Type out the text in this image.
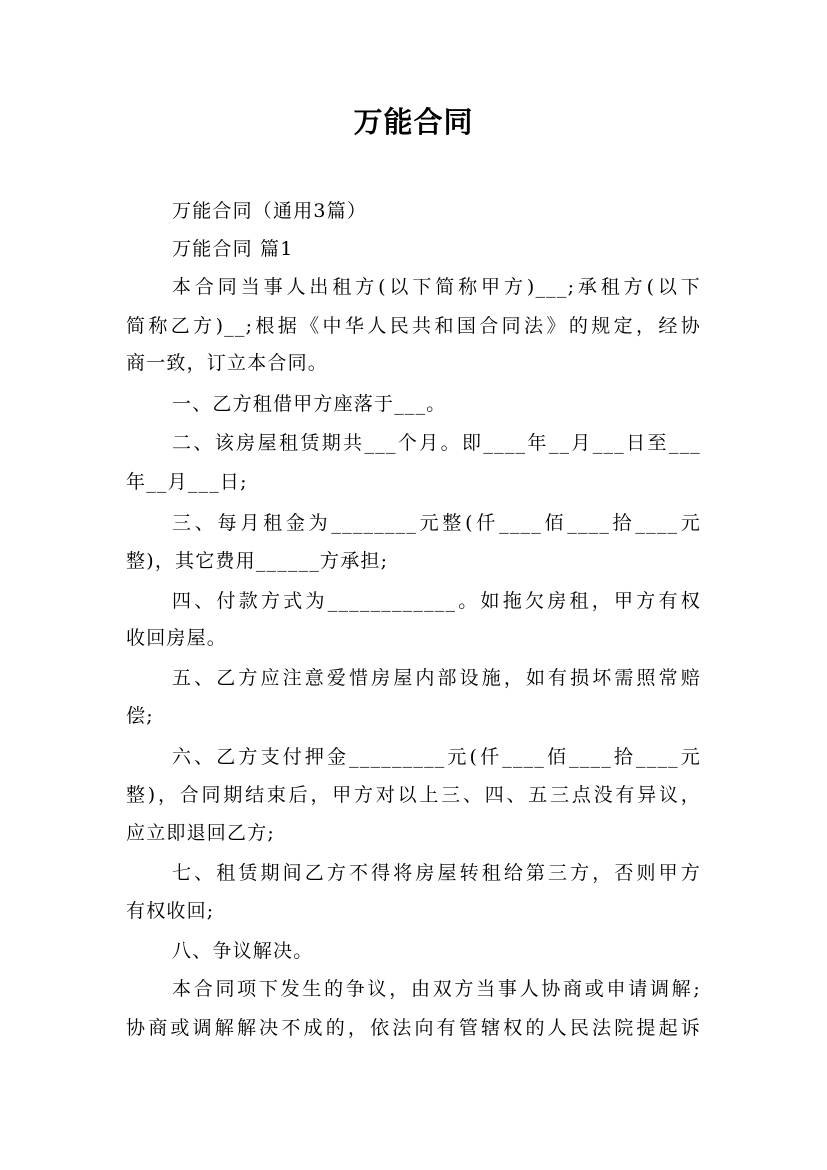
万能合同
万能合同（通用3篇）
万能合同 篇1
本合同当事人出租方(以下简称甲方)___;承租方(以下
简称乙方)__;根据《中华人民共和国合同法》的规定，经协
商一致，订立本合同。
一、乙方租借甲方座落于___。
二、该房屋租赁期共___个月。即____年__月___日至___
年__月___日;
三、每月租金为________元整(仟____佰____拾____元
整)，其它费用______方承担;
四、付款方式为____________。如拖欠房租，甲方有权
收回房屋。
五、乙方应注意爱惜房屋内部设施，如有损坏需照常赔
偿;
六、乙方支付押金_________元(仟____佰____拾____元
整)，合同期结束后，甲方对以上三、四、五三点没有异议，
应立即退回乙方;
七、租赁期间乙方不得将房屋转租给第三方，否则甲方
有权收回;
八、争议解决。
本合同项下发生的争议，由双方当事人协商或申请调解;
协商或调解解决不成的，依法向有管辖权的人民法院提起诉
